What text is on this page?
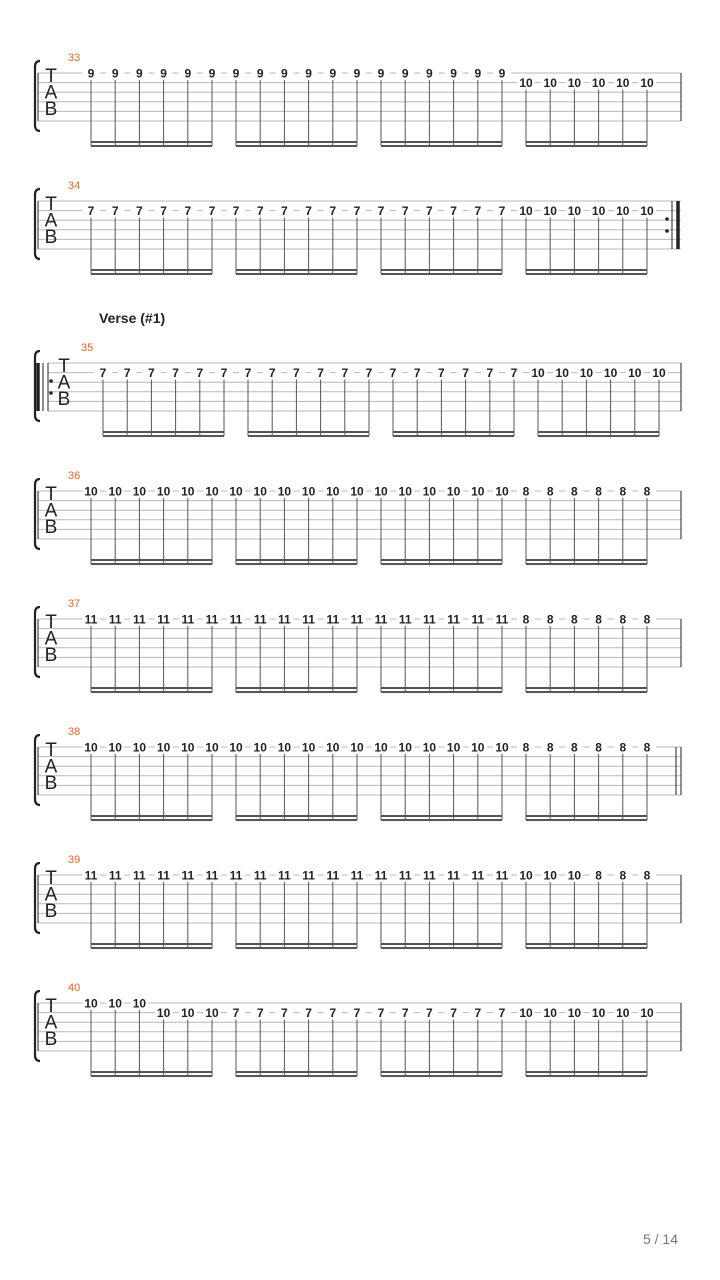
T
A
B
33
9 9 9 9 9 9 9 9 9 9 9 9 9 9 9 9 9 9
10 10 10 10 10 10
T
A
B
34
7 7 7 7 7 7 7 7 7 7 7 7 7 7 7 7 7 7 10 10 10 10 10 10
T
A
B
35
Verse (#1)
7 7 7 7 7 7 7 7 7 7 7 7 7 7 7 7 7 7 10 10 10 10 10 10
T
A
B
36
10 10 10 10 10 10 10 10 10 10 10 10 10 10 10 10 10 10 8 8 8 8 8 8
T
A
B
37
11 11 11 11 11 11 11 11 11 11 11 11 11 11 11 11 11 11 8 8 8 8 8 8
T
A
B
38
10 10 10 10 10 10 10 10 10 10 10 10 10 10 10 10 10 10 8 8 8 8 8 8
T
A
B
39
11 11 11 11 11 11 11 11 11 11 11 11 11 11 11 11 11 11 10 10 10 8 8 8
T
A
B
40
10 10 10
10 10 10 7 7 7 7 7 7 7 7 7 7 7 7 10 10 10 10 10 10
5 / 14
